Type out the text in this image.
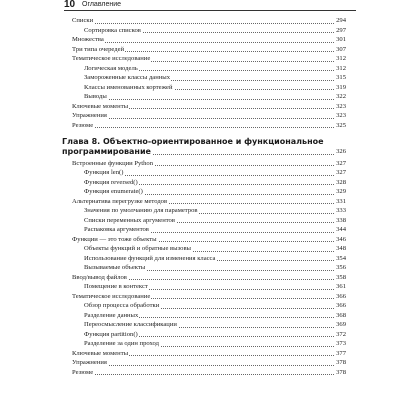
10 Оглавление
Списки	294
Сортировка списков	297
Множества	301
Три типа очередей	307
Тематическое исследование	312
Логическая модель	312
Замороженные классы данных	315
Классы именованных кортежей	319
Выводы	322
Ключевые моменты	323
Упражнения	323
Резюме	325
Глава 8. Объектно-ориентированное и функциональное
программирование	326
Встроенные функции Python	327
Функция len()	327
Функция reversed()	328
Функция enumerate()	329
Альтернатива перегрузке методов	331
Значения по умолчанию для параметров	333
Списки переменных аргументов	338
Распаковка аргументов	344
Функции — это тоже объекты	346
Объекты функций и обратные вызовы	348
Использование функций для изменения класса	354
Вызываемые объекты	356
Ввод/вывод файлов	358
Помещение в контекст	361
Тематическое исследование	366
Обзор процесса обработки	366
Разделение данных	368
Переосмысление классификации	369
Функция partition()	372
Разделение за один проход	373
Ключевые моменты	377
Упражнения	378
Резюме	378
